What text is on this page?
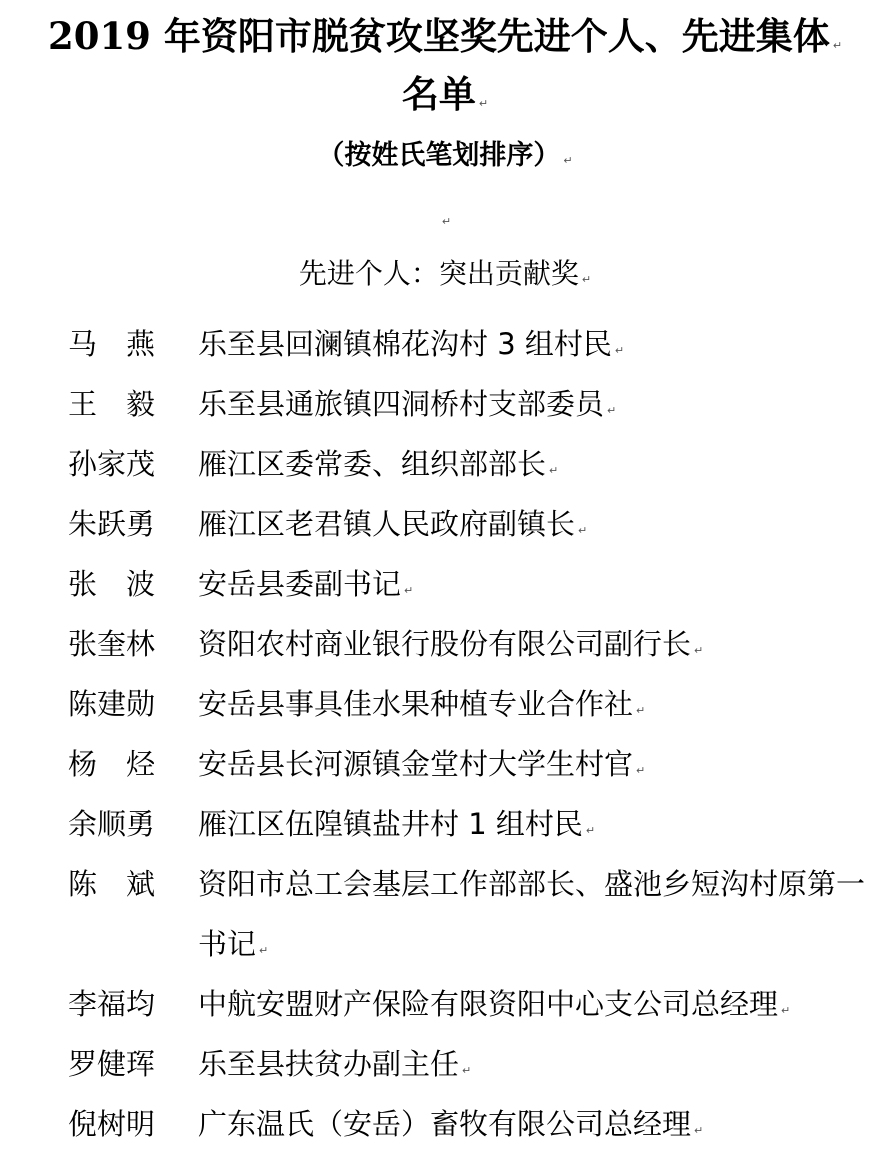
2019 年资阳市脱贫攻坚奖先进个人、先进集体 ↵
名单 ↵
（按姓氏笔划排序） ↵
↵
先进个人：突出贡献奖 ↵
马　燕	乐至县回澜镇棉花沟村 3 组村民 ↵
王　毅	乐至县通旅镇四洞桥村支部委员 ↵
孙家茂	雁江区委常委、组织部部长 ↵
朱跃勇	雁江区老君镇人民政府副镇长 ↵
张　波	安岳县委副书记 ↵
张奎林	资阳农村商业银行股份有限公司副行长 ↵
陈建勋	安岳县事具佳水果种植专业合作社 ↵
杨　烃	安岳县长河源镇金堂村大学生村官 ↵
余顺勇	雁江区伍隍镇盐井村 1 组村民 ↵
陈　斌	资阳市总工会基层工作部部长、盛池乡短沟村原第一书记 ↵
李福均	中航安盟财产保险有限资阳中心支公司总经理 ↵
罗健珲	乐至县扶贫办副主任 ↵
倪树明	广东温氏（安岳）畜牧有限公司总经理 ↵
